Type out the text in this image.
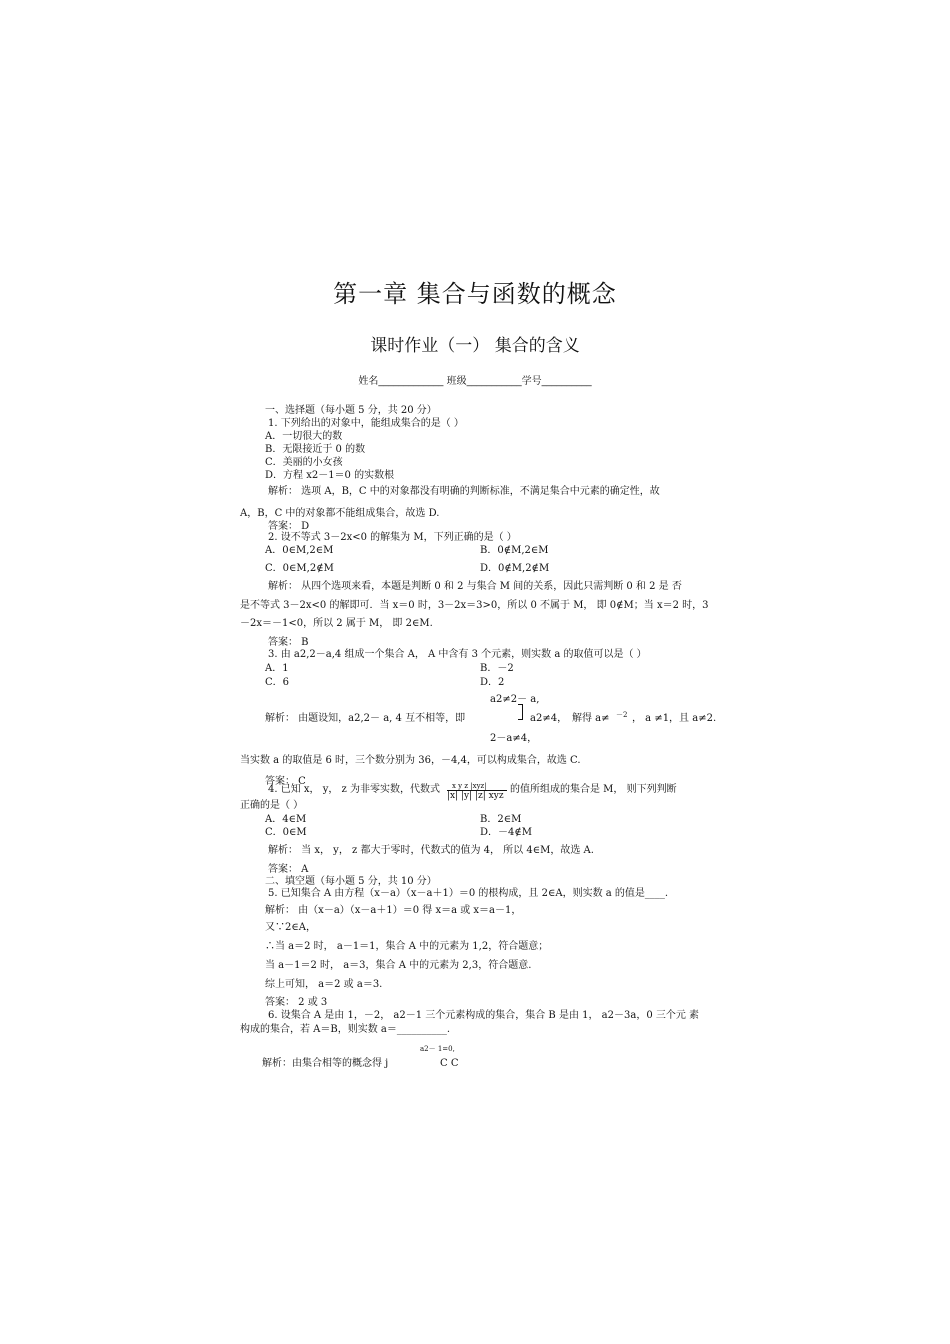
第一章 集合与函数的概念
课时作业（一） 集合的含义
姓名_____________ 班级___________学号__________
一、选择题（每小题 5 分，共 20 分）
1. 下列给出的对象中，能组成集合的是（ ）
A．一切很大的数
B．无限接近于 0 的数
C．美丽的小女孩
D．方程 x2－1＝0 的实数根
解析： 选项 A，B，C 中的对象都没有明确的判断标准，不满足集合中元素的确定性，故
A，B，C 中的对象都不能组成集合，故选 D.
答案： D
2. 设不等式 3－2x<0 的解集为 M，下列正确的是（ ）
A．0∈M,2∈M	B．0∉M,2∈M
C．0∈M,2∉M	D．0∉M,2∉M
解析： 从四个选项来看，本题是判断 0 和 2 与集合 M 间的关系，因此只需判断 0 和 2 是 否
是不等式 3－2x<0 的解即可．当 x＝0 时，3－2x＝3>0，所以 0 不属于 M， 即 0∉M；当 x＝2 时，3
－2x＝－1<0，所以 2 属于 M， 即 2∈M.
答案： B
3. 由 a2,2－a,4 组成一个集合 A， A 中含有 3 个元素，则实数 a 的取值可以是（ ）
A．1	B．－2
C．6	D．2
a2≠2－ a,
解析： 由题设知，a2,2－ a, 4 互不相等，即	a2≠4， 解得 a≠ －2 ， a ≠1，且 a≠2.
2－a≠4，
当实数 a 的取值是 6 时，三个数分别为 36，－4,4，可以构成集合，故选 C.
答案： C
4. 已知 x， y， z 为非零实数，代数式 x y z |xyz|
|x| |y| |z| xyz
的值所组成的集合是 M， 则下列判断
正确的是（ ）
A．4∈M	B．2∈M
C．0∈M	D．－4∉M
解析： 当 x， y， z 都大于零时，代数式的值为 4， 所以 4∈M，故选 A.
答案： A
二、填空题（每小题 5 分，共 10 分）
5. 已知集合 A 由方程（x－a）（x－a＋1）＝0 的根构成，且 2∈A，则实数 a 的值是____.
解析： 由（x－a）（x－a＋1）＝0 得 x＝a 或 x＝a－1，
又∵2∈A，
∴当 a＝2 时， a－1＝1，集合 A 中的元素为 1,2，符合题意；
当 a－1＝2 时， a＝3，集合 A 中的元素为 2,3，符合题意.
综上可知， a＝2 或 a＝3.
答案： 2 或 3
6. 设集合 A 是由 1，－2， a2－1 三个元素构成的集合，集合 B 是由 1， a2－3a，0 三个元 素
构成的集合，若 A＝B，则实数 a＝__________.
a2－ 1=0,
解析：由集合相等的概念得 j	C C
